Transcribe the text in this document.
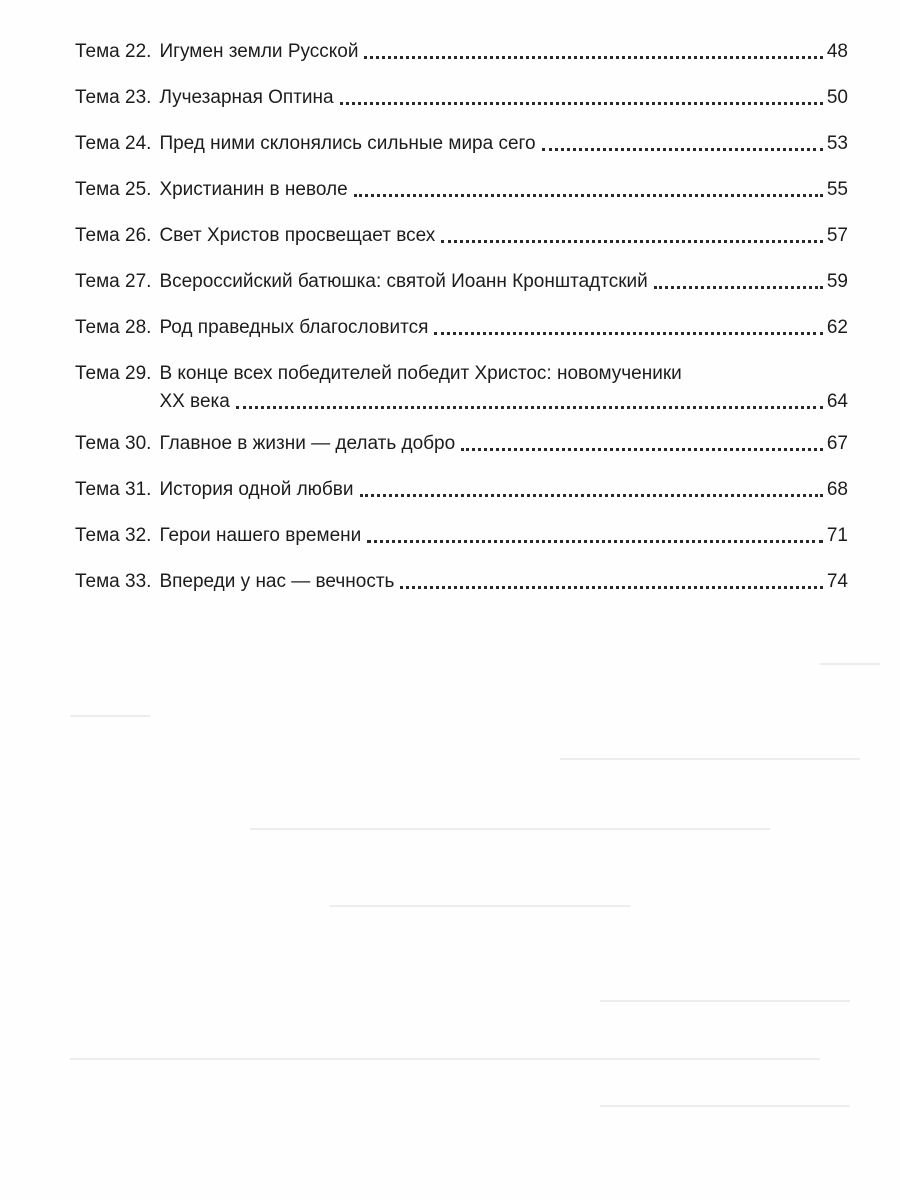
Тема 22. Игумен земли Русской	48
Тема 23. Лучезарная Оптина	50
Тема 24. Пред ними склонялись сильные мира сего	53
Тема 25. Христианин в неволе	55
Тема 26. Свет Христов просвещает всех	57
Тема 27. Всероссийский батюшка: святой Иоанн Кронштадтский	59
Тема 28. Род праведных благословится	62
Тема 29. В конце всех победителей победит Христос: новомученики
XX века	64
Тема 30. Главное в жизни — делать добро	67
Тема 31. История одной любви	68
Тема 32. Герои нашего времени	71
Тема 33. Впереди у нас — вечность	74
